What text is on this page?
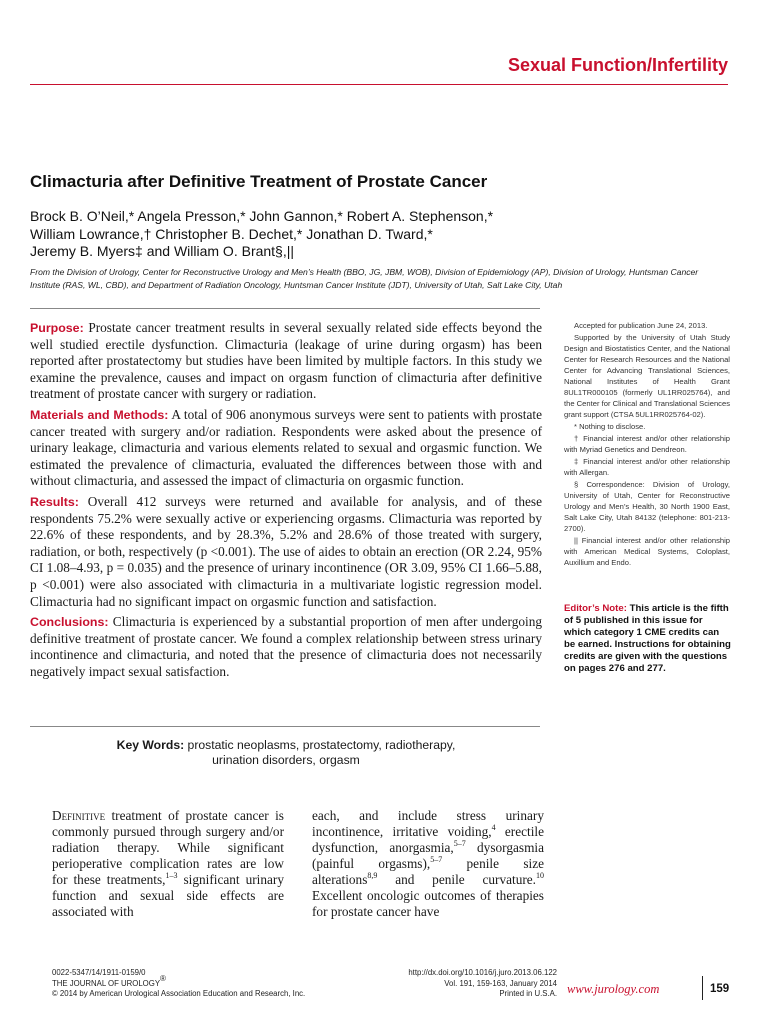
Sexual Function/Infertility
Climacturia after Definitive Treatment of Prostate Cancer
Brock B. O’Neil,* Angela Presson,* John Gannon,* Robert A. Stephenson,*
William Lowrance,† Christopher B. Dechet,* Jonathan D. Tward,*
Jeremy B. Myers‡ and William O. Brant§,||
From the Division of Urology, Center for Reconstructive Urology and Men’s Health (BBO, JG, JBM, WOB), Division of Epidemiology (AP), Division of Urology, Huntsman Cancer Institute (RAS, WL, CBD), and Department of Radiation Oncology, Huntsman Cancer Institute (JDT), University of Utah, Salt Lake City, Utah

Purpose: Prostate cancer treatment results in several sexually related side effects beyond the well studied erectile dysfunction. Climacturia (leakage of urine during orgasm) has been reported after prostatectomy but studies have been limited by multiple factors. In this study we examine the prevalence, causes and impact on orgasm function of climacturia after definitive treatment of prostate cancer with surgery or radiation.

Materials and Methods: A total of 906 anonymous surveys were sent to patients with prostate cancer treated with surgery and/or radiation. Respondents were asked about the presence of urinary leakage, climacturia and various elements related to sexual and orgasmic function. We estimated the prevalence of climacturia, evaluated the differences between those with and without climacturia, and assessed the impact of climacturia on orgasmic function.

Results: Overall 412 surveys were returned and available for analysis, and of these respondents 75.2% were sexually active or experiencing orgasms. Climacturia was reported by 22.6% of these respondents, and by 28.3%, 5.2% and 28.6% of those treated with surgery, radiation, or both, respectively (p <0.001). The use of aides to obtain an erection (OR 2.24, 95% CI 1.08–4.93, p = 0.035) and the presence of urinary incontinence (OR 3.09, 95% CI 1.66–5.88, p <0.001) were also associated with climacturia in a multivariate logistic regression model. Climacturia had no significant impact on orgasmic function and satisfaction.

Conclusions: Climacturia is experienced by a substantial proportion of men after undergoing definitive treatment of prostate cancer. We found a complex relationship between stress urinary incontinence and climacturia, and noted that the presence of climacturia does not necessarily negatively impact sexual satisfaction.

Key Words: prostatic neoplasms, prostatectomy, radiotherapy,
urination disorders, orgasm

Accepted for publication June 24, 2013.

Supported by the University of Utah Study Design and Biostatistics Center, and the National Center for Research Resources and the National Center for Advancing Translational Sciences, National Institutes of Health Grant 8UL1TR000105 (formerly UL1RR025764), and the Center for Clinical and Translational Sciences grant support (CTSA 5UL1RR025764-02).

* Nothing to disclose.

† Financial interest and/or other relationship with Myriad Genetics and Dendreon.

‡ Financial interest and/or other relationship with Allergan.

§ Correspondence: Division of Urology, University of Utah, Center for Reconstructive Urology and Men’s Health, 30 North 1900 East, Salt Lake City, Utah 84132 (telephone: 801-213-2700).

|| Financial interest and/or other relationship with American Medical Systems, Coloplast, Auxillium and Endo.

Editor’s Note: This article is the fifth of 5 published in this issue for which category 1 CME credits can be earned. Instructions for obtaining credits are given with the questions on pages 276 and 277.
Definitive treatment of prostate cancer is commonly pursued through surgery and/or radiation therapy. While significant perioperative complication rates are low for these treatments,$^{1-3}$ significant urinary function and sexual side effects are associated with
each, and include stress urinary incontinence, irritative voiding,$^4$ erectile dysfunction, anorgasmia,$^{5-7}$ dysorgasmia (painful orgasms),$^{5-7}$ penile size alterations$^{8,9}$ and penile curvature.$^{10}$ Excellent oncologic outcomes of therapies for prostate cancer have
0022-5347/14/1911-0159/0
THE JOURNAL OF UROLOGY®
© 2014 by American Urological Association Education and Research, Inc.
http://dx.doi.org/10.1016/j.juro.2013.06.122
Vol. 191, 159-163, January 2014
Printed in U.S.A. www.jurology.com	159
